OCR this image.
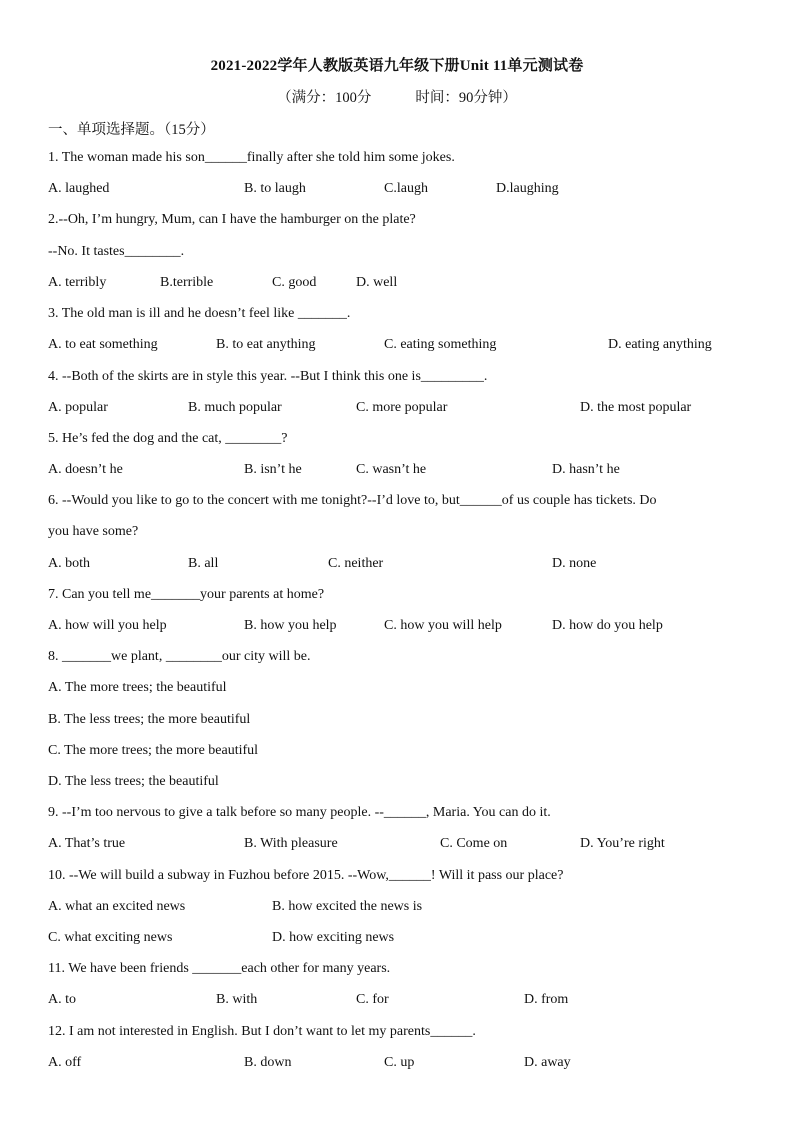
2021-2022学年人教版英语九年级下册Unit 11单元测试卷
（满分：100分	时间：90分钟）
一、单项选择题。（15分）
1. The woman made his son______finally after she told him some jokes.
A. laughed	B. to laugh	C.laugh	D.laughing
2.--Oh, I’m hungry, Mum, can I have the hamburger on the plate?
--No. It tastes________.
A. terribly	B.terrible	C. good	D. well
3. The old man is ill and he doesn’t feel like _______.
A. to eat something	B. to eat anything	C. eating something	D. eating anything
4. --Both of the skirts are in style this year. --But I think this one is_________.
A. popular	B. much popular	C. more popular	D. the most popular
5. He’s fed the dog and the cat, ________?
A. doesn’t he	B. isn’t he	C. wasn’t he	D. hasn’t he
6. --Would you like to go to the concert with me tonight?--I’d love to, but______of us couple has tickets. Do
you have some?
A. both	B. all	C. neither	D. none
7. Can you tell me_______your parents at home?
A. how will you help	B. how you help	C. how you will help	D. how do you help
8. _______we plant, ________our city will be.
A. The more trees; the beautiful
B. The less trees; the more beautiful
C. The more trees; the more beautiful
D. The less trees; the beautiful
9. --I’m too nervous to give a talk before so many people. --______, Maria. You can do it.
A. That’s true	B. With pleasure	C. Come on	D. You’re right
10. --We will build a subway in Fuzhou before 2015. --Wow,______! Will it pass our place?
A. what an excited news	B. how excited the news is
C. what exciting news	D. how exciting news
11. We have been friends _______each other for many years.
A. to	B. with	C. for	D. from
12. I am not interested in English. But I don’t want to let my parents______.
A. off	B. down	C. up	D. away
